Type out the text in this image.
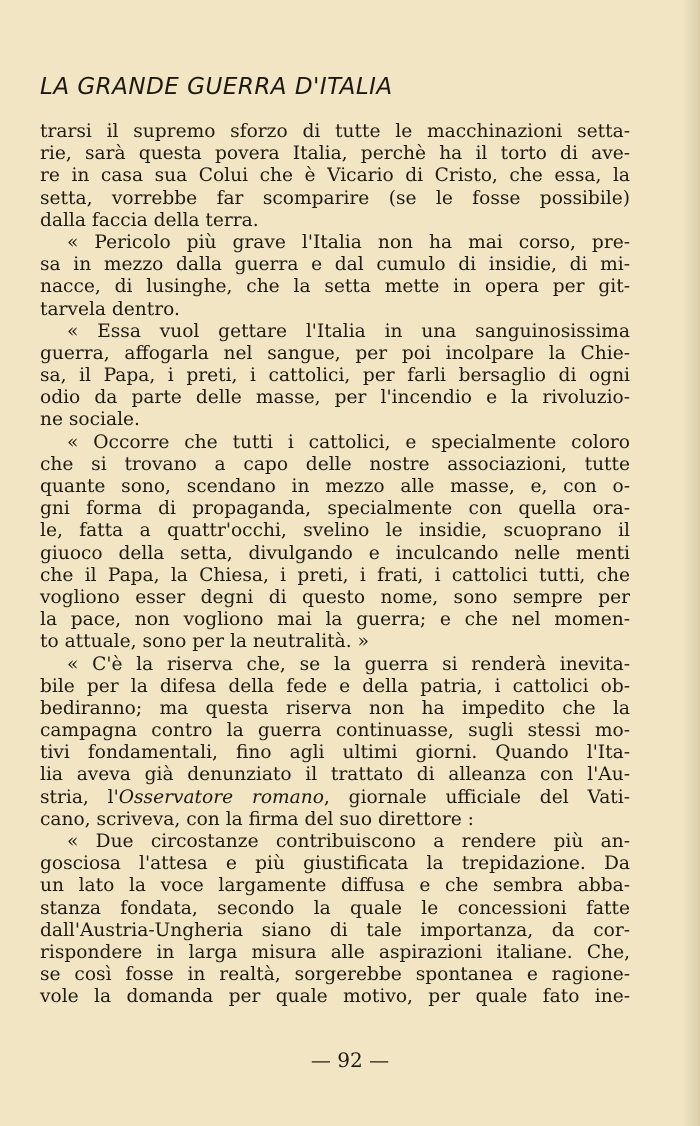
LA GRANDE GUERRA D'ITALIA
trarsi il supremo sforzo di tutte le macchinazioni setta-
rie, sarà questa povera Italia, perchè ha il torto di ave-
re in casa sua Colui che è Vicario di Cristo, che essa, la
setta, vorrebbe far scomparire (se le fosse possibile)
dalla faccia della terra.
« Pericolo più grave l'Italia non ha mai corso, pre-
sa in mezzo dalla guerra e dal cumulo di insidie, di mi-
nacce, di lusinghe, che la setta mette in opera per git-
tarvela dentro.
« Essa vuol gettare l'Italia in una sanguinosissima
guerra, affogarla nel sangue, per poi incolpare la Chie-
sa, il Papa, i preti, i cattolici, per farli bersaglio di ogni
odio da parte delle masse, per l'incendio e la rivoluzio-
ne sociale.
« Occorre che tutti i cattolici, e specialmente coloro
che si trovano a capo delle nostre associazioni, tutte
quante sono, scendano in mezzo alle masse, e, con o-
gni forma di propaganda, specialmente con quella ora-
le, fatta a quattr'occhi, svelino le insidie, scuoprano il
giuoco della setta, divulgando e inculcando nelle menti
che il Papa, la Chiesa, i preti, i frati, i cattolici tutti, che
vogliono esser degni di questo nome, sono sempre per
la pace, non vogliono mai la guerra; e che nel momen-
to attuale, sono per la neutralità. »
« C'è la riserva che, se la guerra si renderà inevita-
bile per la difesa della fede e della patria, i cattolici ob-
bediranno; ma questa riserva non ha impedito che la
campagna contro la guerra continuasse, sugli stessi mo-
tivi fondamentali, fino agli ultimi giorni. Quando l'Ita-
lia aveva già denunziato il trattato di alleanza con l'Au-
stria, l'Osservatore romano, giornale ufficiale del Vati-
cano, scriveva, con la firma del suo direttore :
« Due circostanze contribuiscono a rendere più an-
gosciosa l'attesa e più giustificata la trepidazione. Da
un lato la voce largamente diffusa e che sembra abba-
stanza fondata, secondo la quale le concessioni fatte
dall'Austria-Ungheria siano di tale importanza, da cor-
rispondere in larga misura alle aspirazioni italiane. Che,
se così fosse in realtà, sorgerebbe spontanea e ragione-
vole la domanda per quale motivo, per quale fato ine-
— 92 —
